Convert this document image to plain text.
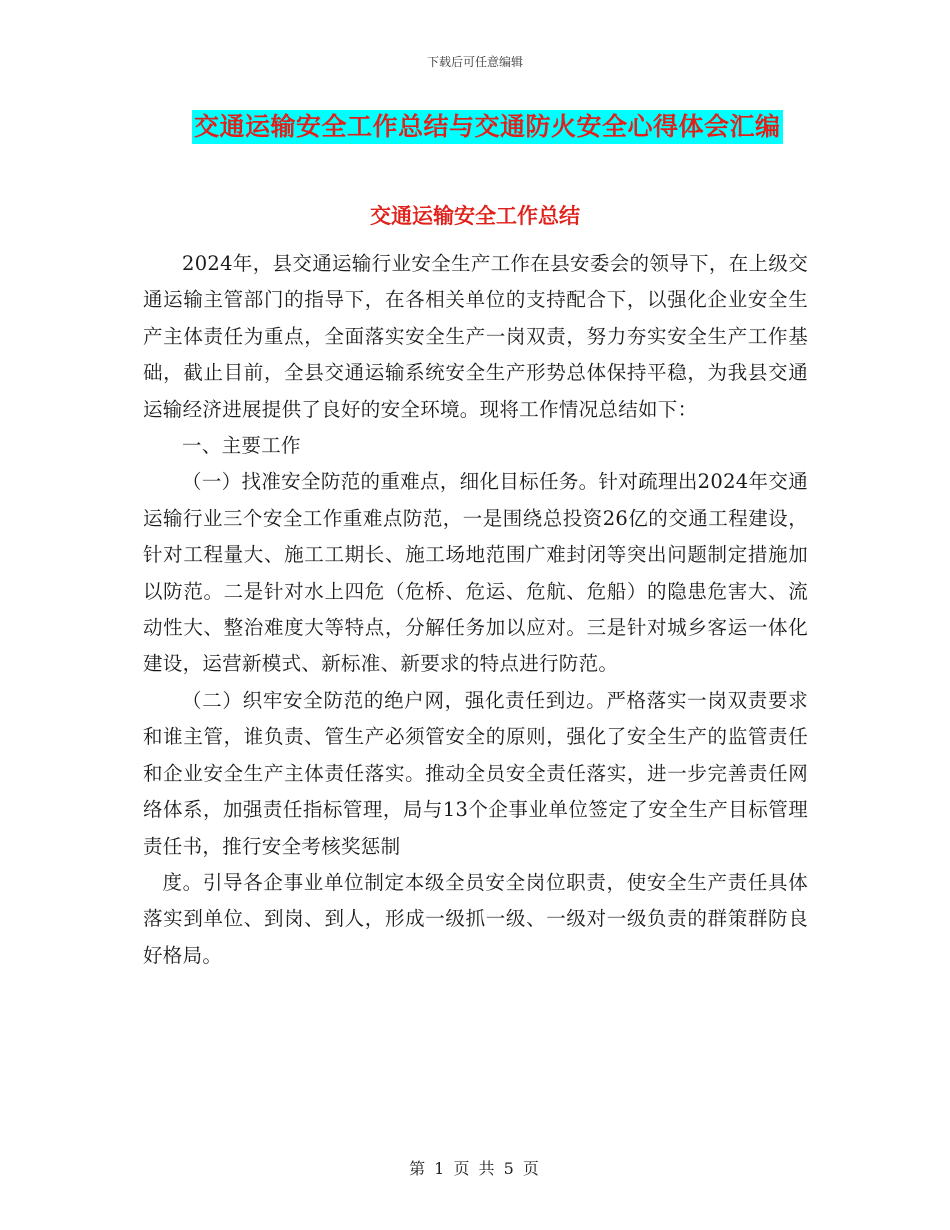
下载后可任意编辑
交通运输安全工作总结与交通防火安全心得体会汇编
交通运输安全工作总结

2024年，县交通运输行业安全生产工作在县安委会的领导下，在上级交通运输主管部门的指导下，在各相关单位的支持配合下，以强化企业安全生产主体责任为重点，全面落实安全生产一岗双责，努力夯实安全生产工作基础，截止目前，全县交通运输系统安全生产形势总体保持平稳，为我县交通运输经济进展提供了良好的安全环境。现将工作情况总结如下：

一、主要工作

（一）找准安全防范的重难点，细化目标任务。针对疏理出2024年交通运输行业三个安全工作重难点防范，一是围绕总投资26亿的交通工程建设，针对工程量大、施工工期长、施工场地范围广难封闭等突出问题制定措施加以防范。二是针对水上四危（危桥、危运、危航、危船）的隐患危害大、流动性大、整治难度大等特点，分解任务加以应对。三是针对城乡客运一体化建设，运营新模式、新标准、新要求的特点进行防范。

（二）织牢安全防范的绝户网，强化责任到边。严格落实一岗双责要求和谁主管，谁负责、管生产必须管安全的原则，强化了安全生产的监管责任和企业安全生产主体责任落实。推动全员安全责任落实，进一步完善责任网络体系，加强责任指标管理，局与13个企事业单位签定了安全生产目标管理责任书，推行安全考核奖惩制

度。引导各企事业单位制定本级全员安全岗位职责，使安全生产责任具体落实到单位、到岗、到人，形成一级抓一级、一级对一级负责的群策群防良好格局。

第 1 页 共 5 页
